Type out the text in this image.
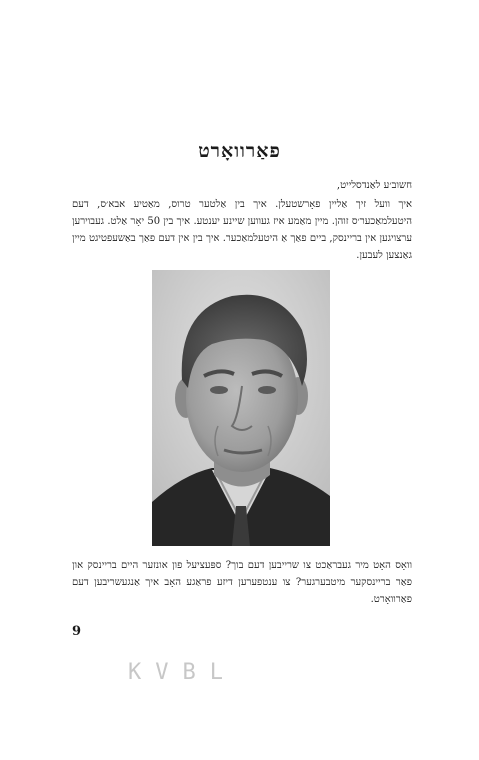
פאַרוואָרט
חשוב׳ע לאַנדסלייט,
איך וועל זיך אַליין פאָרשטעלן. איך בין אַלטער טרוס, מאַטיע אבא׳ס, דעם היטעלמאַכער׳ס זוהן. מיין מאַמע איז געווען שיינע יענטע. איך בין 50 יאָר אַלט. געבוירען ערצויגען אין בריינסק, ביים פאַך אַ היטעלמאַכער. איך בין אין דעם פאַך באַשעפטיגט מיין גאַנצען לעבען.
וואָס האָט מיר געבראַכט צו שרייבען דעם בוך? ספּעציעל פון אונזער היים בריינסק און פאַר בריינסקער מיטבערגער? צו ענטפערען דיזע פראַגע האָב איך אַנגעשריבען דעם פאַרוואָרט.
9
KVBL
